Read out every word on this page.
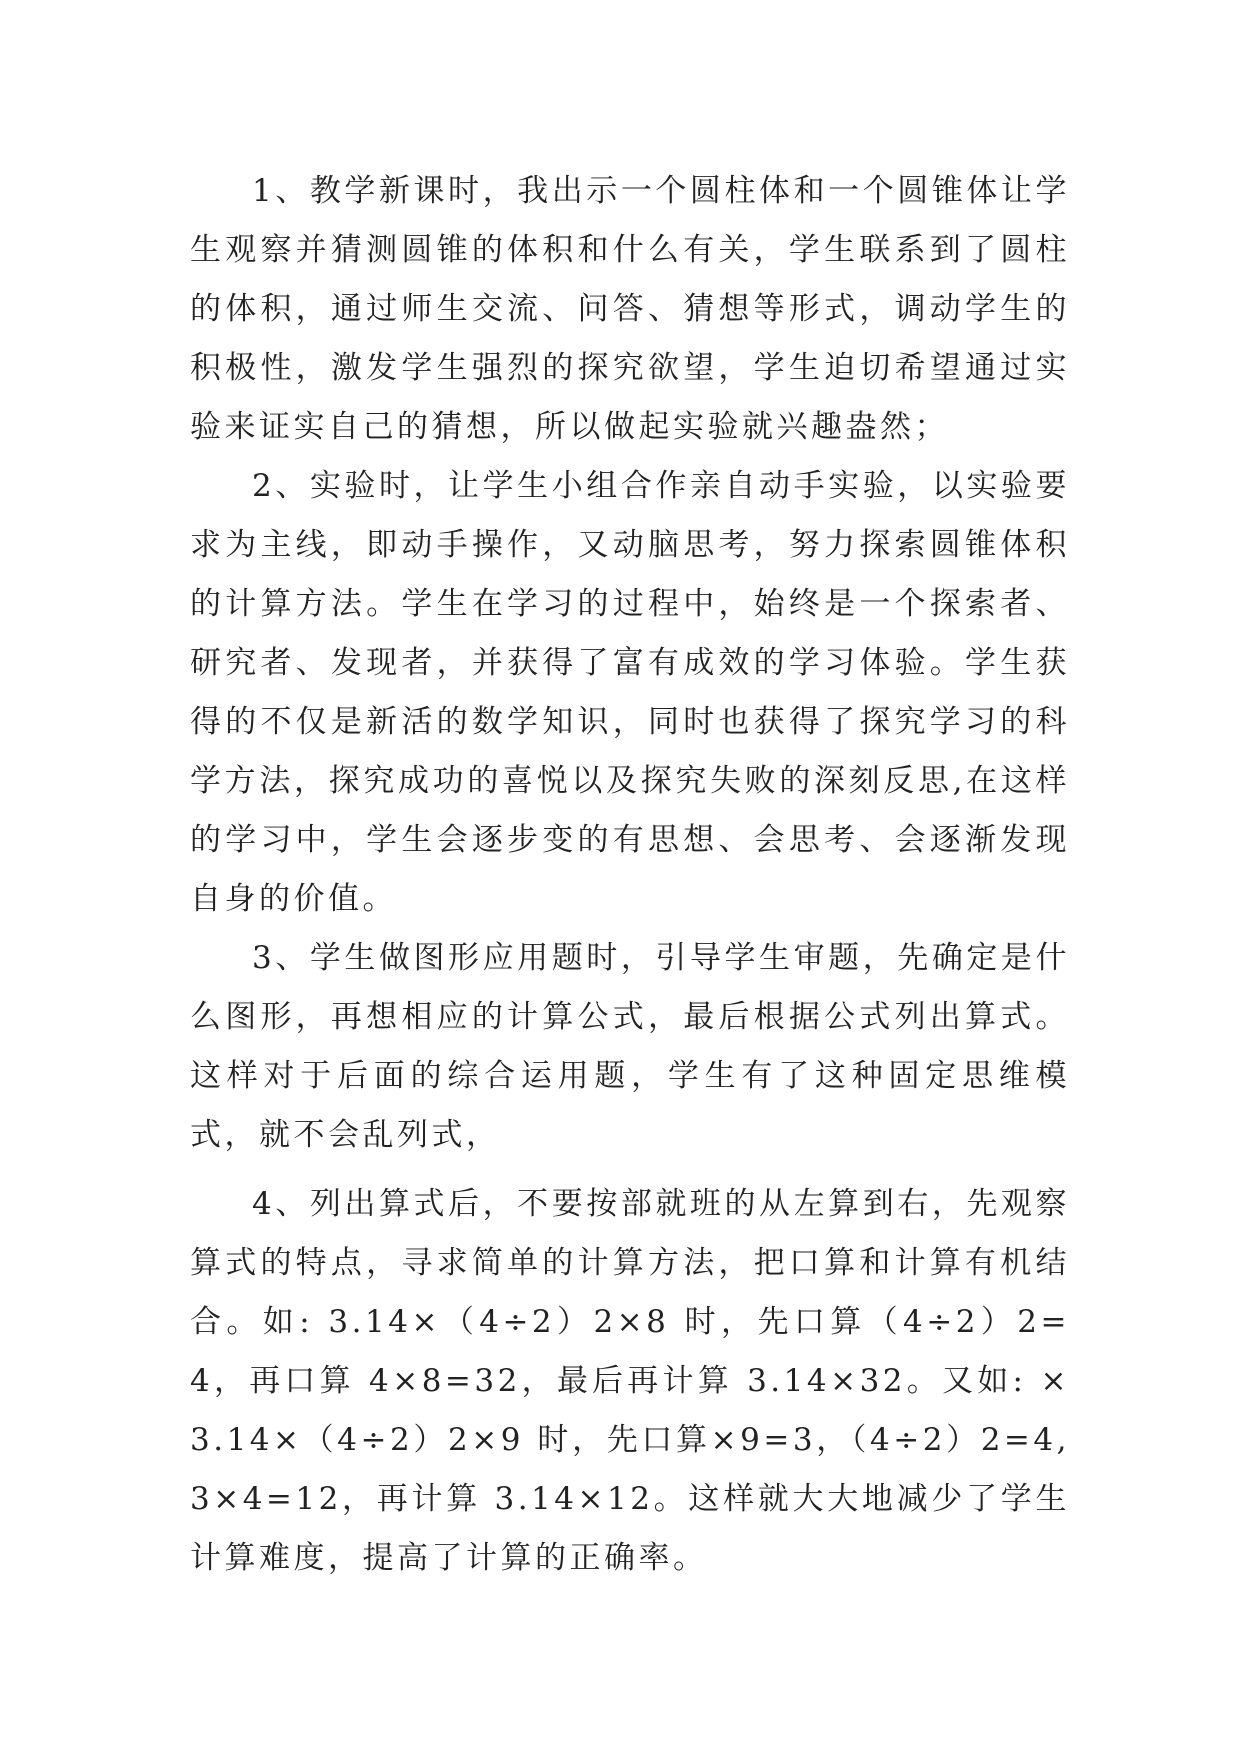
1、教学新课时，我出示一个圆柱体和一个圆锥体让学生观察并猜测圆锥的体积和什么有关，学生联系到了圆柱的体积，通过师生交流、问答、猜想等形式，调动学生的积极性，激发学生强烈的探究欲望，学生迫切希望通过实验来证实自己的猜想，所以做起实验就兴趣盎然；

2、实验时，让学生小组合作亲自动手实验，以实验要求为主线，即动手操作，又动脑思考，努力探索圆锥体积的计算方法。学生在学习的过程中，始终是一个探索者、研究者、发现者，并获得了富有成效的学习体验。学生获得的不仅是新活的数学知识，同时也获得了探究学习的科学方法，探究成功的喜悦以及探究失败的深刻反思,在这样的学习中，学生会逐步变的有思想、会思考、会逐渐发现自身的价值。

3、学生做图形应用题时，引导学生审题，先确定是什么图形，再想相应的计算公式，最后根据公式列出算式。这样对于后面的综合运用题，学生有了这种固定思维模式，就不会乱列式，

4、列出算式后，不要按部就班的从左算到右，先观察算式的特点，寻求简单的计算方法，把口算和计算有机结合。如: 3.14×（4÷2）2×8 时，先口算（4÷2）2=4，再口算 4×8=32，最后再计算 3.14×32。又如: ×3.14×（4÷2）2×9 时，先口算×9=3，（4÷2）2=4,3×4=12，再计算 3.14×12。这样就大大地减少了学生计算难度，提高了计算的正确率。
